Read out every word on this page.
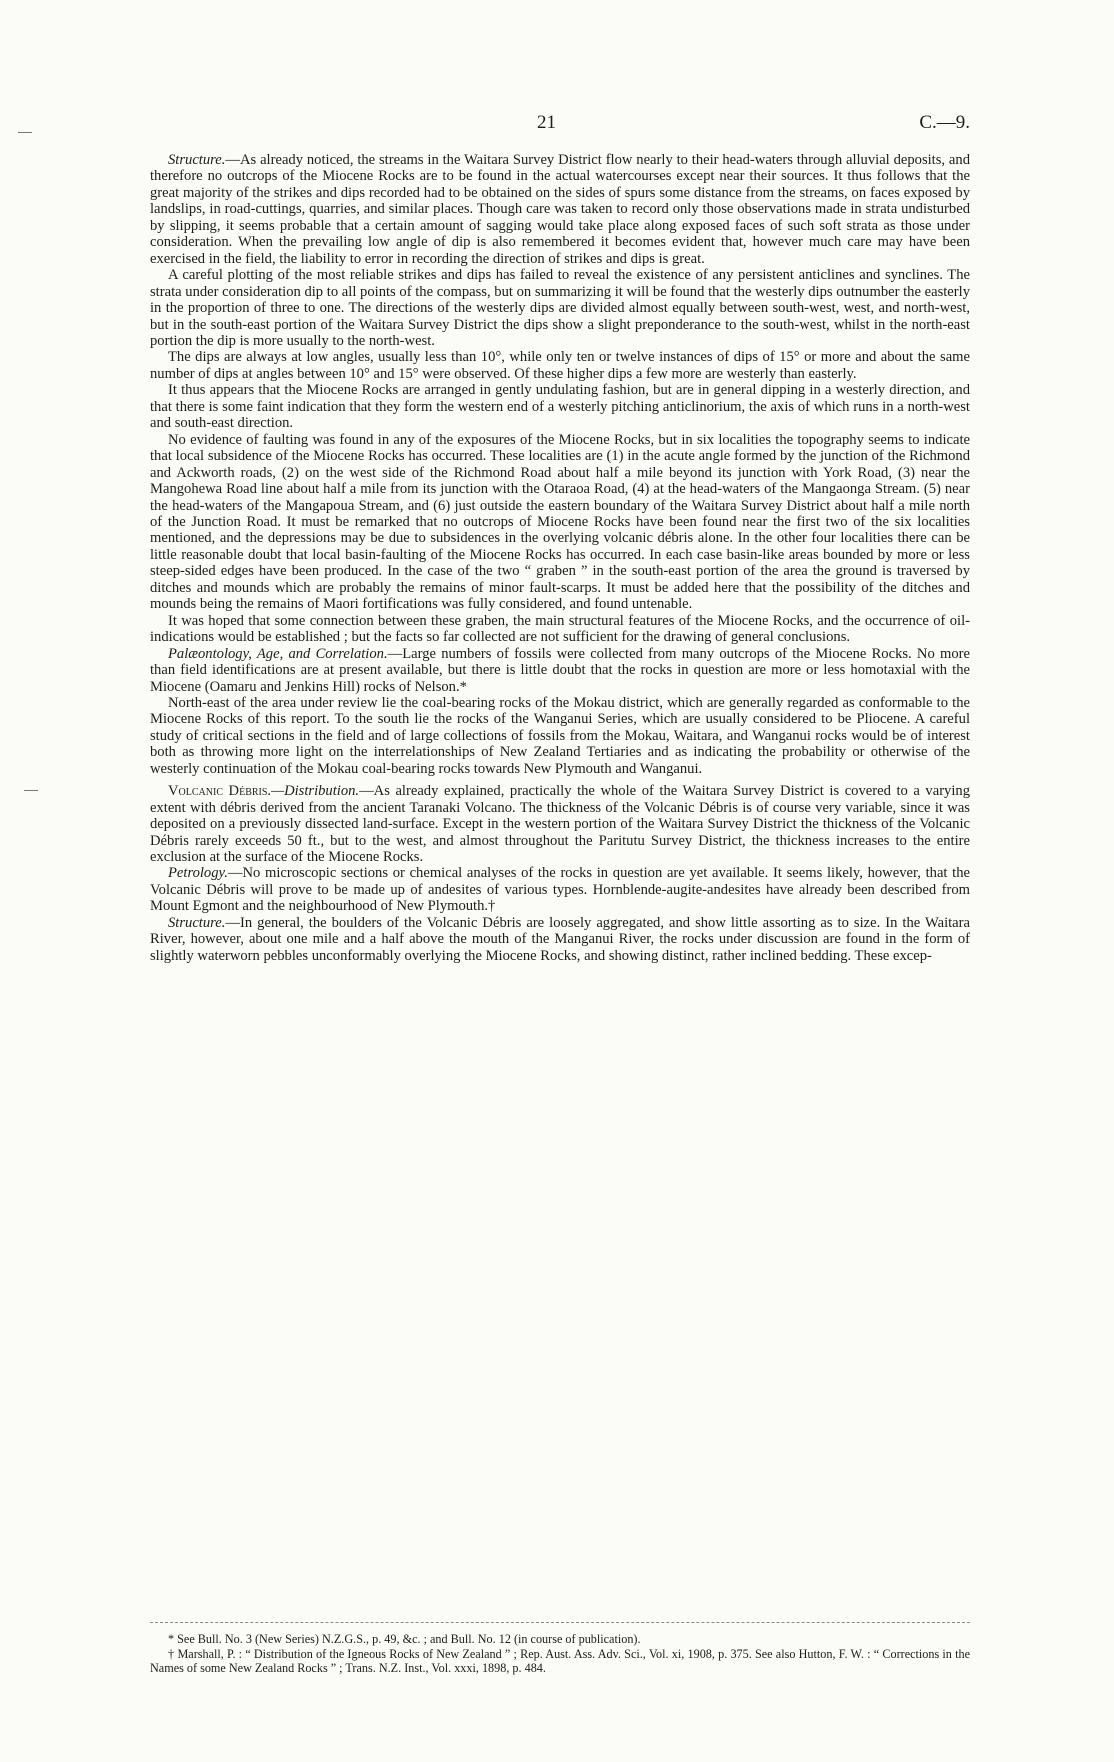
21	C.—9.

Structure.—As already noticed, the streams in the Waitara Survey District flow nearly to their head-waters through alluvial deposits, and therefore no outcrops of the Miocene Rocks are to be found in the actual watercourses except near their sources. It thus follows that the great majority of the strikes and dips recorded had to be obtained on the sides of spurs some distance from the streams, on faces exposed by landslips, in road-cuttings, quarries, and similar places. Though care was taken to record only those observations made in strata undisturbed by slipping, it seems probable that a certain amount of sagging would take place along exposed faces of such soft strata as those under consideration. When the prevailing low angle of dip is also remembered it becomes evident that, however much care may have been exercised in the field, the liability to error in recording the direction of strikes and dips is great.

A careful plotting of the most reliable strikes and dips has failed to reveal the existence of any persistent anticlines and synclines. The strata under consideration dip to all points of the compass, but on summarizing it will be found that the westerly dips outnumber the easterly in the proportion of three to one. The directions of the westerly dips are divided almost equally between south-west, west, and north-west, but in the south-east portion of the Waitara Survey District the dips show a slight preponderance to the south-west, whilst in the north-east portion the dip is more usually to the north-west.

The dips are always at low angles, usually less than 10°, while only ten or twelve instances of dips of 15° or more and about the same number of dips at angles between 10° and 15° were observed. Of these higher dips a few more are westerly than easterly.

It thus appears that the Miocene Rocks are arranged in gently undulating fashion, but are in general dipping in a westerly direction, and that there is some faint indication that they form the western end of a westerly pitching anticlinorium, the axis of which runs in a north-west and south-east direction.

No evidence of faulting was found in any of the exposures of the Miocene Rocks, but in six localities the topography seems to indicate that local subsidence of the Miocene Rocks has occurred. These localities are (1) in the acute angle formed by the junction of the Richmond and Ackworth roads, (2) on the west side of the Richmond Road about half a mile beyond its junction with York Road, (3) near the Mangohewa Road line about half a mile from its junction with the Otaraoa Road, (4) at the head-waters of the Mangaonga Stream. (5) near the head-waters of the Mangapoua Stream, and (6) just outside the eastern boundary of the Waitara Survey District about half a mile north of the Junction Road. It must be remarked that no outcrops of Miocene Rocks have been found near the first two of the six localities mentioned, and the depressions may be due to subsidences in the overlying volcanic débris alone. In the other four localities there can be little reasonable doubt that local basin-faulting of the Miocene Rocks has occurred. In each case basin-like areas bounded by more or less steep-sided edges have been produced. In the case of the two “ graben ” in the south-east portion of the area the ground is traversed by ditches and mounds which are probably the remains of minor fault-scarps. It must be added here that the possibility of the ditches and mounds being the remains of Maori fortifications was fully considered, and found untenable.

It was hoped that some connection between these graben, the main structural features of the Miocene Rocks, and the occurrence of oil-indications would be established ; but the facts so far collected are not sufficient for the drawing of general conclusions.

Palæontology, Age, and Correlation.—Large numbers of fossils were collected from many outcrops of the Miocene Rocks. No more than field identifications are at present available, but there is little doubt that the rocks in question are more or less homotaxial with the Miocene (Oamaru and Jenkins Hill) rocks of Nelson.*

North-east of the area under review lie the coal-bearing rocks of the Mokau district, which are generally regarded as conformable to the Miocene Rocks of this report. To the south lie the rocks of the Wanganui Series, which are usually considered to be Pliocene. A careful study of critical sections in the field and of large collections of fossils from the Mokau, Waitara, and Wanganui rocks would be of interest both as throwing more light on the interrelationships of New Zealand Tertiaries and as indicating the probability or otherwise of the westerly continuation of the Mokau coal-bearing rocks towards New Plymouth and Wanganui.

Volcanic Débris.—Distribution.—As already explained, practically the whole of the Waitara Survey District is covered to a varying extent with débris derived from the ancient Taranaki Volcano. The thickness of the Volcanic Débris is of course very variable, since it was deposited on a previously dissected land-surface. Except in the western portion of the Waitara Survey District the thickness of the Volcanic Débris rarely exceeds 50 ft., but to the west, and almost throughout the Paritutu Survey District, the thickness increases to the entire exclusion at the surface of the Miocene Rocks.

Petrology.—No microscopic sections or chemical analyses of the rocks in question are yet available. It seems likely, however, that the Volcanic Débris will prove to be made up of andesites of various types. Hornblende-augite-andesites have already been described from Mount Egmont and the neighbourhood of New Plymouth.†

Structure.—In general, the boulders of the Volcanic Débris are loosely aggregated, and show little assorting as to size. In the Waitara River, however, about one mile and a half above the mouth of the Manganui River, the rocks under discussion are found in the form of slightly waterworn pebbles unconformably overlying the Miocene Rocks, and showing distinct, rather inclined bedding. These excep-

* See Bull. No. 3 (New Series) N.Z.G.S., p. 49, &c. ; and Bull. No. 12 (in course of publication).

† Marshall, P. : “ Distribution of the Igneous Rocks of New Zealand ” ; Rep. Aust. Ass. Adv. Sci., Vol. xi, 1908, p. 375. See also Hutton, F. W. : “ Corrections in the Names of some New Zealand Rocks ” ; Trans. N.Z. Inst., Vol. xxxi, 1898, p. 484.
